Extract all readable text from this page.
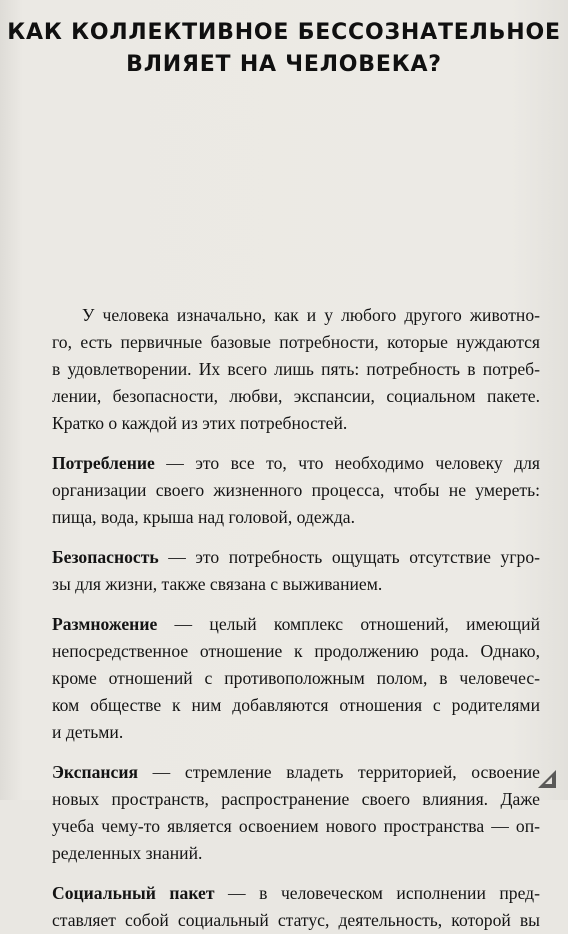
КАК КОЛЛЕКТИВНОЕ БЕССОЗНАТЕЛЬНОЕ
ВЛИЯЕТ НА ЧЕЛОВЕКА?

У человека изначально, как и у любого другого животно-
го, есть первичные базовые потребности, которые нуждаются
в удовлетворении. Их всего лишь пять: потребность в потреб-
лении, безопасности, любви, экспансии, социальном пакете.
Кратко о каждой из этих потребностей.

Потребление — это все то, что необходимо человеку для
организации своего жизненного процесса, чтобы не умереть:
пища, вода, крыша над головой, одежда.

Безопасность — это потребность ощущать отсутствие угро-
зы для жизни, также связана с выживанием.

Размножение — целый комплекс отношений, имеющий
непосредственное отношение к продолжению рода. Однако,
кроме отношений с противоположным полом, в человечес-
ком обществе к ним добавляются отношения с родителями
и детьми.

Экспансия — стремление владеть территорией, освоение
новых пространств, распространение своего влияния. Даже
учеба чему-то является освоением нового пространства — оп-
ределенных знаний.

Социальный пакет — в человеческом исполнении пред-
ставляет собой социальный статус, деятельность, которой вы
